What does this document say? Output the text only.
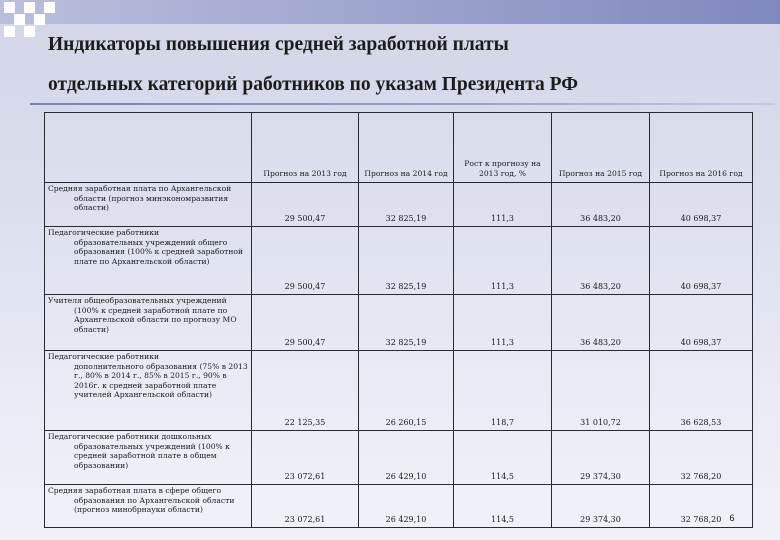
Индикаторы повышения средней заработной платы
отдельных категорий работников по указам Президента РФ
	Прогноз на 2013 год	Прогноз на 2014 год	Рост к прогнозу на 2013 год, %	Прогноз на 2015 год	Прогноз на 2016 год

Средняя заработная плата по Архангельской
области (прогноз минэкономразвития области)	29 500,47	32 825,19	111,3	36 483,20	40 698,37

Педагогические работники
образовательных учреждений общего образования (100% к средней заработной плате по Архангельской области)	29 500,47	32 825,19	111,3	36 483,20	40 698,37

Учителя общеобразовательных учреждений
(100% к средней заработной плате по Архангельской области по прогнозу МО области)	29 500,47	32 825,19	111,3	36 483,20	40 698,37

Педагогические работники
дополнительного образования (75% в 2013 г., 80% в 2014 г., 85% в 2015 г., 90% в 2016г. к средней заработной плате учителей Архангельской области)	22 125,35	26 260,15	118,7	31 010,72	36 628,53

Педагогические работники дошкольных
образовательных учреждений (100% к средней заработной плате в общем образовании)	23 072,61	26 429,10	114,5	29 374,30	32 768,20

Средняя заработная плата в сфере общего
образования по Архангельской области (прогноз минобрнауки области)	23 072,61	26 429,10	114,5	29 374,30	32 768,20 6
